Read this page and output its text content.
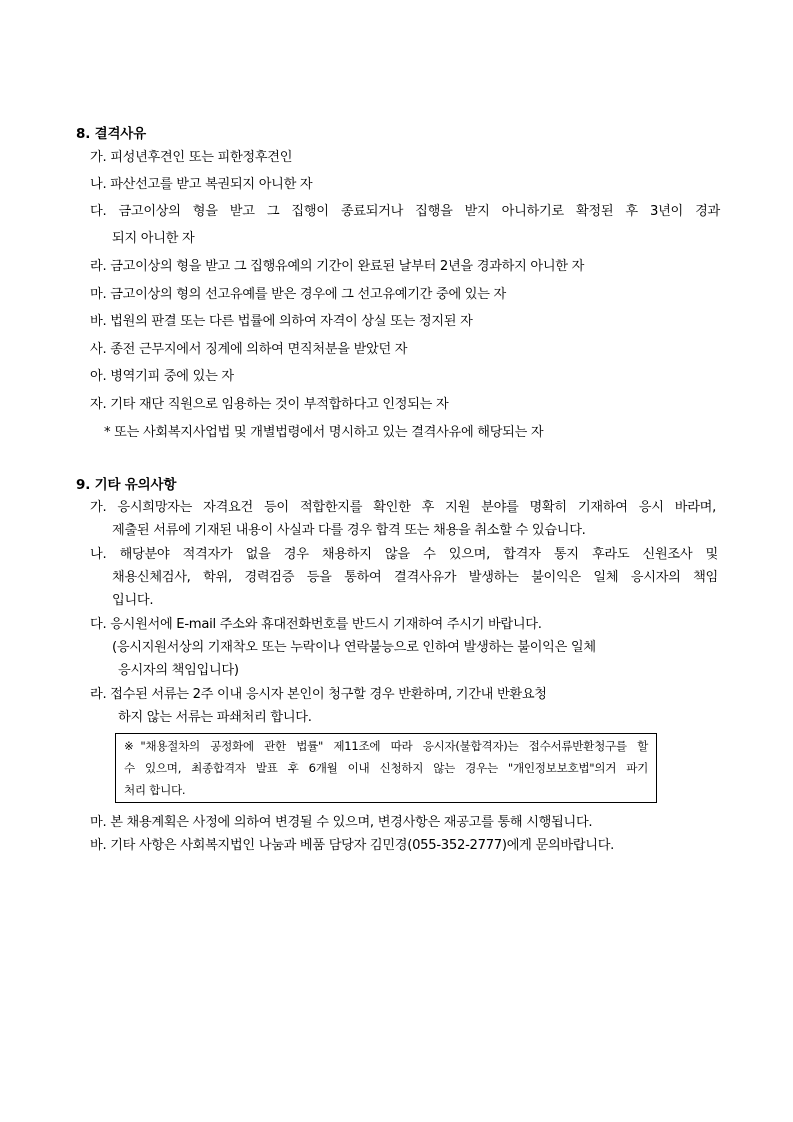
8. 결격사유
가. 피성년후견인 또는 피한정후견인
나. 파산선고를 받고 복권되지 아니한 자
다. 금고이상의 형을 받고 그 집행이 종료되거나 집행을 받지 아니하기로 확정된 후 3년이 경과
되지 아니한 자
라. 금고이상의 형을 받고 그 집행유예의 기간이 완료된 날부터 2년을 경과하지 아니한 자
마. 금고이상의 형의 선고유예를 받은 경우에 그 선고유예기간 중에 있는 자
바. 법원의 판결 또는 다른 법률에 의하여 자격이 상실 또는 정지된 자
사. 종전 근무지에서 징계에 의하여 면직처분을 받았던 자
아. 병역기피 중에 있는 자
자. 기타 재단 직원으로 임용하는 것이 부적합하다고 인정되는 자
* 또는 사회복지사업법 및 개별법령에서 명시하고 있는 결격사유에 해당되는 자
9. 기타 유의사항
가. 응시희망자는 자격요건 등이 적합한지를 확인한 후 지원 분야를 명확히 기재하여 응시 바라며,
제출된 서류에 기재된 내용이 사실과 다를 경우 합격 또는 채용을 취소할 수 있습니다.
나. 해당분야 적격자가 없을 경우 채용하지 않을 수 있으며, 합격자 통지 후라도 신원조사 및
채용신체검사, 학위, 경력검증 등을 통하여 결격사유가 발생하는 불이익은 일체 응시자의 책임
입니다.
다. 응시원서에 E-mail 주소와 휴대전화번호를 반드시 기재하여 주시기 바랍니다.
(응시지원서상의 기재착오 또는 누락이나 연락불능으로 인하여 발생하는 불이익은 일체
응시자의 책임입니다)
라. 접수된 서류는 2주 이내 응시자 본인이 청구할 경우 반환하며, 기간내 반환요청
하지 않는 서류는 파쇄처리 합니다.
※"채용절차의 공정화에 관한 법률" 제11조에 따라 응시자(불합격자)는 접수서류반환청구를 할
수 있으며, 최종합격자 발표 후 6개월 이내 신청하지 않는 경우는 "개인정보보호법"의거 파기
처리 합니다.
마. 본 채용계획은 사정에 의하여 변경될 수 있으며, 변경사항은 재공고를 통해 시행됩니다.
바. 기타 사항은 사회복지법인 나눔과 베품 담당자 김민경(055-352-2777)에게 문의바랍니다.
